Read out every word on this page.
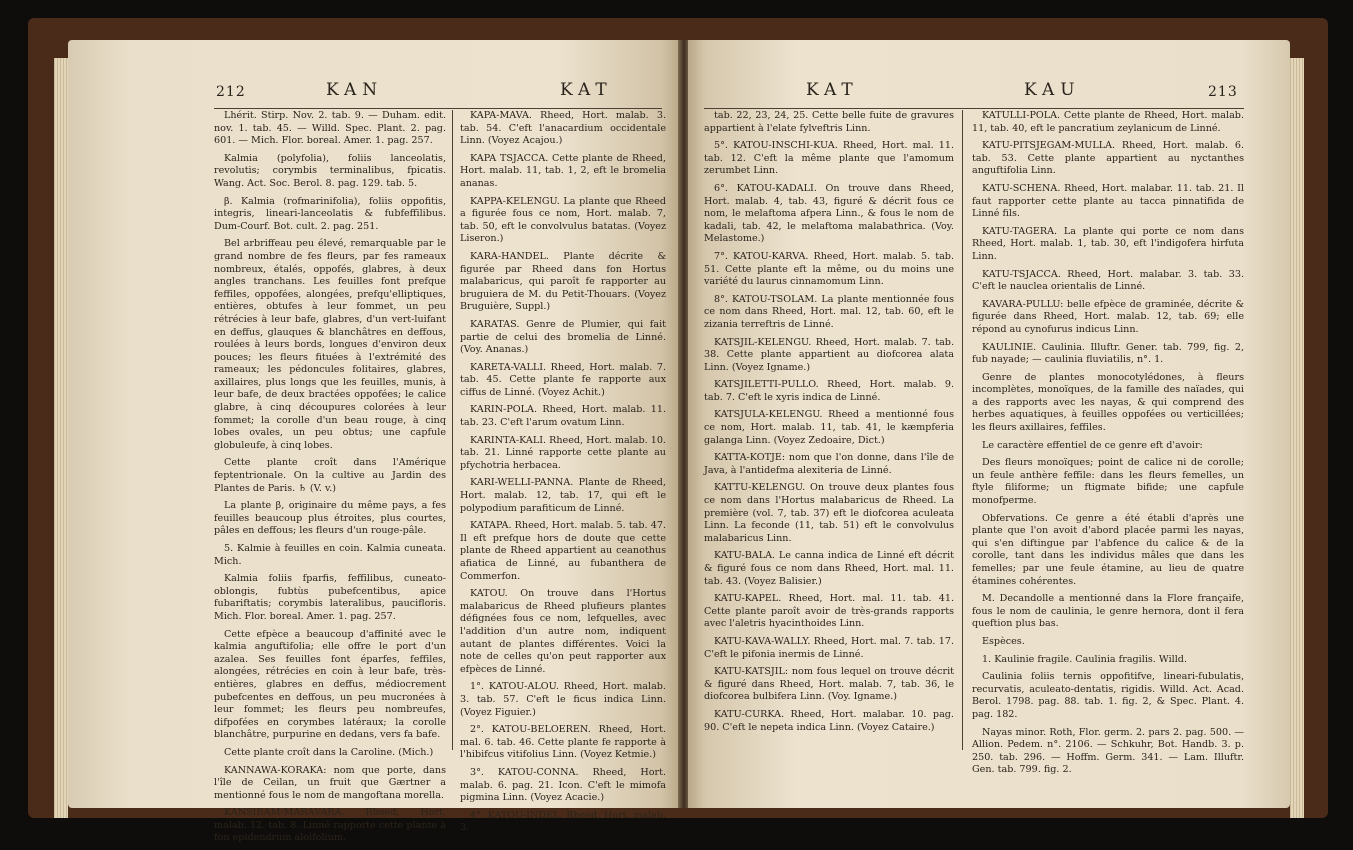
212	KAN	KAT

Lhérit. Stirp. Nov. 2. tab. 9. — Duham. edit. nov. 1. tab. 45. — Willd. Spec. Plant. 2. pag. 601. — Mich. Flor. boreal. Amer. 1. pag. 257.

Kalmia (polyfolia), foliis lanceolatis, revolutis; corymbis terminalibus, fpicatis. Wang. Act. Soc. Berol. 8. pag. 129. tab. 5.

β. Kalmia (rofmarinifolia), foliis oppofitis, integris, lineari-lanceolatis & fubfeffilibus. Dum-Courf. Bot. cult. 2. pag. 251.

Bel arbriffeau peu élevé, remarquable par le grand nombre de fes fleurs, par fes rameaux nombreux, étalés, oppofés, glabres, à deux angles tranchans. Les feuilles font prefque feffiles, oppofées, alongées, prefqu'elliptiques, entières, obtufes à leur fommet, un peu rétrécies à leur bafe, glabres, d'un vert-luifant en deffus, glauques & blanchâtres en deffous, roulées à leurs bords, longues d'environ deux pouces; les fleurs fituées à l'extrémité des rameaux; les pédoncules folitaires, glabres, axillaires, plus longs que les feuilles, munis, à leur bafe, de deux bractées oppofées; le calice glabre, à cinq découpures colorées à leur fommet; la corolle d'un beau rouge, à cinq lobes ovales, un peu obtus; une capfule globuleufe, à cinq lobes.

Cette plante croît dans l'Amérique feptentrionale. On la cultive au Jardin des Plantes de Paris. ♄ (V. v.)

La plante β, originaire du même pays, a fes feuilles beaucoup plus étroites, plus courtes, pâles en deffous; les fleurs d'un rouge-pâle.

5. Kalmie à feuilles en coin. Kalmia cuneata. Mich.

Kalmia foliis fparfis, feffilibus, cuneato-oblongis, fubtùs pubefcentibus, apice fubariftatis; corymbis lateralibus, paucifloris. Mich. Flor. boreal. Amer. 1. pag. 257.

Cette efpèce a beaucoup d'affinité avec le kalmia anguftifolia; elle offre le port d'un azalea. Ses feuilles font éparfes, feffiles, alongées, rétrécies en coin à leur bafe, très-entières, glabres en deffus, médiocrement pubefcentes en deffous, un peu mucronées à leur fommet; les fleurs peu nombreufes, difpofées en corymbes latéraux; la corolle blanchâtre, purpurine en dedans, vers fa bafe.

Cette plante croît dans la Caroline. (Mich.)

KANNAWA-KORAKA: nom que porte, dans l'île de Ceilan, un fruit que Gærtner a mentionné fous le nom de mangoftana morella.

KANSIRAM-MARAVARA. Rheed, Hort. malab. 12. tab. 8. Linné rapporte cette plante à fon epidendrum aloifolium.

KAPA-MAVA. Rheed, Hort. malab. 3. tab. 54. C'eft l'anacardium occidentale Linn. (Voyez Acajou.)

KAPA TSJACCA. Cette plante de Rheed, Hort. malab. 11, tab. 1, 2, eft le bromelia ananas.

KAPPA-KELENGU. La plante que Rheed a figurée fous ce nom, Hort. malab. 7, tab. 50, eft le convolvulus batatas. (Voyez Liseron.)

KARA-HANDEL. Plante décrite & figurée par Rheed dans fon Hortus malabaricus, qui paroît fe rapporter au bruguiera de M. du Petit-Thouars. (Voyez Bruguière, Suppl.)

KARATAS. Genre de Plumier, qui fait partie de celui des bromelia de Linné. (Voy. Ananas.)

KARETA-VALLI. Rheed, Hort. malab. 7. tab. 45. Cette plante fe rapporte aux ciffus de Linné. (Voyez Achit.)

KARIN-POLA. Rheed, Hort. malab. 11. tab. 23. C'eft l'arum ovatum Linn.

KARINTA-KALI. Rheed, Hort. malab. 10. tab. 21. Linné rapporte cette plante au pfychotria herbacea.

KARI-WELLI-PANNA. Plante de Rheed, Hort. malab. 12, tab. 17, qui eft le polypodium parafiticum de Linné.

KATAPA. Rheed, Hort. malab. 5. tab. 47. Il eft prefque hors de doute que cette plante de Rheed appartient au ceanothus afiatica de Linné, au fubanthera de Commerfon.

KATOU. On trouve dans l'Hortus malabaricus de Rheed plufieurs plantes défignées fous ce nom, lefquelles, avec l'addition d'un autre nom, indiquent autant de plantes différentes. Voici la note de celles qu'on peut rapporter aux efpèces de Linné.

1°. KATOU-ALOU. Rheed, Hort. malab. 3. tab. 57. C'eft le ficus indica Linn. (Voyez Figuier.)

2°. KATOU-BELOEREN. Rheed, Hort. mal. 6. tab. 46. Cette plante fe rapporte à l'hibifcus vitifolius Linn. (Voyez Ketmie.)

3°. KATOU-CONNA. Rheed, Hort. malab. 6. pag. 21. Icon. C'eft le mimofa pigmina Linn. (Voyez Acacie.)

4°. KATOU-INDEL. Rheed, Hort. malab. 3.

KAT	KAU	213

tab. 22, 23, 24, 25. Cette belle fuite de gravures appartient à l'elate fylveftris Linn.

5°. KATOU-INSCHI-KUA. Rheed, Hort. mal. 11. tab. 12. C'eft la même plante que l'amomum zerumbet Linn.

6°. KATOU-KADALI. On trouve dans Rheed, Hort. malab. 4, tab. 43, figuré & décrit fous ce nom, le melaftoma afpera Linn., & fous le nom de kadali, tab. 42, le melaftoma malabathrica. (Voy. Melastome.)

7°. KATOU-KARVA. Rheed, Hort. malab. 5. tab. 51. Cette plante eft la même, ou du moins une variété du laurus cinnamomum Linn.

8°. KATOU-TSOLAM. La plante mentionnée fous ce nom dans Rheed, Hort. mal. 12, tab. 60, eft le zizania terreftris de Linné.

KATSJIL-KELENGU. Rheed, Hort. malab. 7. tab. 38. Cette plante appartient au diofcorea alata Linn. (Voyez Igname.)

KATSJILETTI-PULLO. Rheed, Hort. malab. 9. tab. 7. C'eft le xyris indica de Linné.

KATSJULA-KELENGU. Rheed a mentionné fous ce nom, Hort. malab. 11, tab. 41, le kæmpferia galanga Linn. (Voyez Zedoaire, Dict.)

KATTA-KOTJE: nom que l'on donne, dans l'île de Java, à l'antidefma alexiteria de Linné.

KATTU-KELENGU. On trouve deux plantes fous ce nom dans l'Hortus malabaricus de Rheed. La première (vol. 7, tab. 37) eft le diofcorea aculeata Linn. La feconde (11, tab. 51) eft le convolvulus malabaricus Linn.

KATU-BALA. Le canna indica de Linné eft décrit & figuré fous ce nom dans Rheed, Hort. mal. 11. tab. 43. (Voyez Balisier.)

KATU-KAPEL. Rheed, Hort. mal. 11. tab. 41. Cette plante paroît avoir de très-grands rapports avec l'aletris hyacinthoides Linn.

KATU-KAVA-WALLY. Rheed, Hort. mal. 7. tab. 17. C'eft le pifonia inermis de Linné.

KATU-KATSJIL: nom fous lequel on trouve décrit & figuré dans Rheed, Hort. malab. 7, tab. 36, le diofcorea bulbifera Linn. (Voy. Igname.)

KATU-CURKA. Rheed, Hort. malabar. 10. pag. 90. C'eft le nepeta indica Linn. (Voyez Cataire.)

KATULLI-POLA. Cette plante de Rheed, Hort. malab. 11, tab. 40, eft le pancratium zeylanicum de Linné.

KATU-PITSJEGAM-MULLA. Rheed, Hort. malab. 6. tab. 53. Cette plante appartient au nyctanthes anguftifolia Linn.

KATU-SCHENA. Rheed, Hort. malabar. 11. tab. 21. Il faut rapporter cette plante au tacca pinnatifida de Linné fils.

KATU-TAGERA. La plante qui porte ce nom dans Rheed, Hort. malab. 1, tab. 30, eft l'indigofera hirfuta Linn.

KATU-TSJACCA. Rheed, Hort. malabar. 3. tab. 33. C'eft le nauclea orientalis de Linné.

KAVARA-PULLU: belle efpèce de graminée, décrite & figurée dans Rheed, Hort. malab. 12, tab. 69; elle répond au cynofurus indicus Linn.

KAULINIE. Caulinia. Illuftr. Gener. tab. 799, fig. 2, fub nayade; — caulinia fluviatilis, n°. 1.

Genre de plantes monocotylédones, à fleurs incomplètes, monoïques, de la famille des naïades, qui a des rapports avec les nayas, & qui comprend des herbes aquatiques, à feuilles oppofées ou verticillées; les fleurs axillaires, feffiles.

Le caractère effentiel de ce genre eft d'avoir:

Des fleurs monoïques; point de calice ni de corolle; un feule anthère feffile: dans les fleurs femelles, un ftyle filiforme; un ftigmate bifide; une capfule monofperme.

Obfervations. Ce genre a été établi d'après une plante que l'on avoit d'abord placée parmi les nayas, qui s'en diftingue par l'abfence du calice & de la corolle, tant dans les individus mâles que dans les femelles; par une feule étamine, au lieu de quatre étamines cohérentes.

M. Decandolle a mentionné dans la Flore françaife, fous le nom de caulinia, le genre hernora, dont il fera queftion plus bas.

Espèces.

1. Kaulinie fragile. Caulinia fragilis. Willd.

Caulinia foliis ternis oppofitifve, lineari-fubulatis, recurvatis, aculeato-dentatis, rigidis. Willd. Act. Acad. Berol. 1798. pag. 88. tab. 1. fig. 2, & Spec. Plant. 4. pag. 182.

Nayas minor. Roth, Flor. germ. 2. pars 2. pag. 500. — Allion. Pedem. n°. 2106. — Schkuhr, Bot. Handb. 3. p. 250. tab. 296. — Hoffm. Germ. 341. — Lam. Illuftr. Gen. tab. 799. fig. 2.
